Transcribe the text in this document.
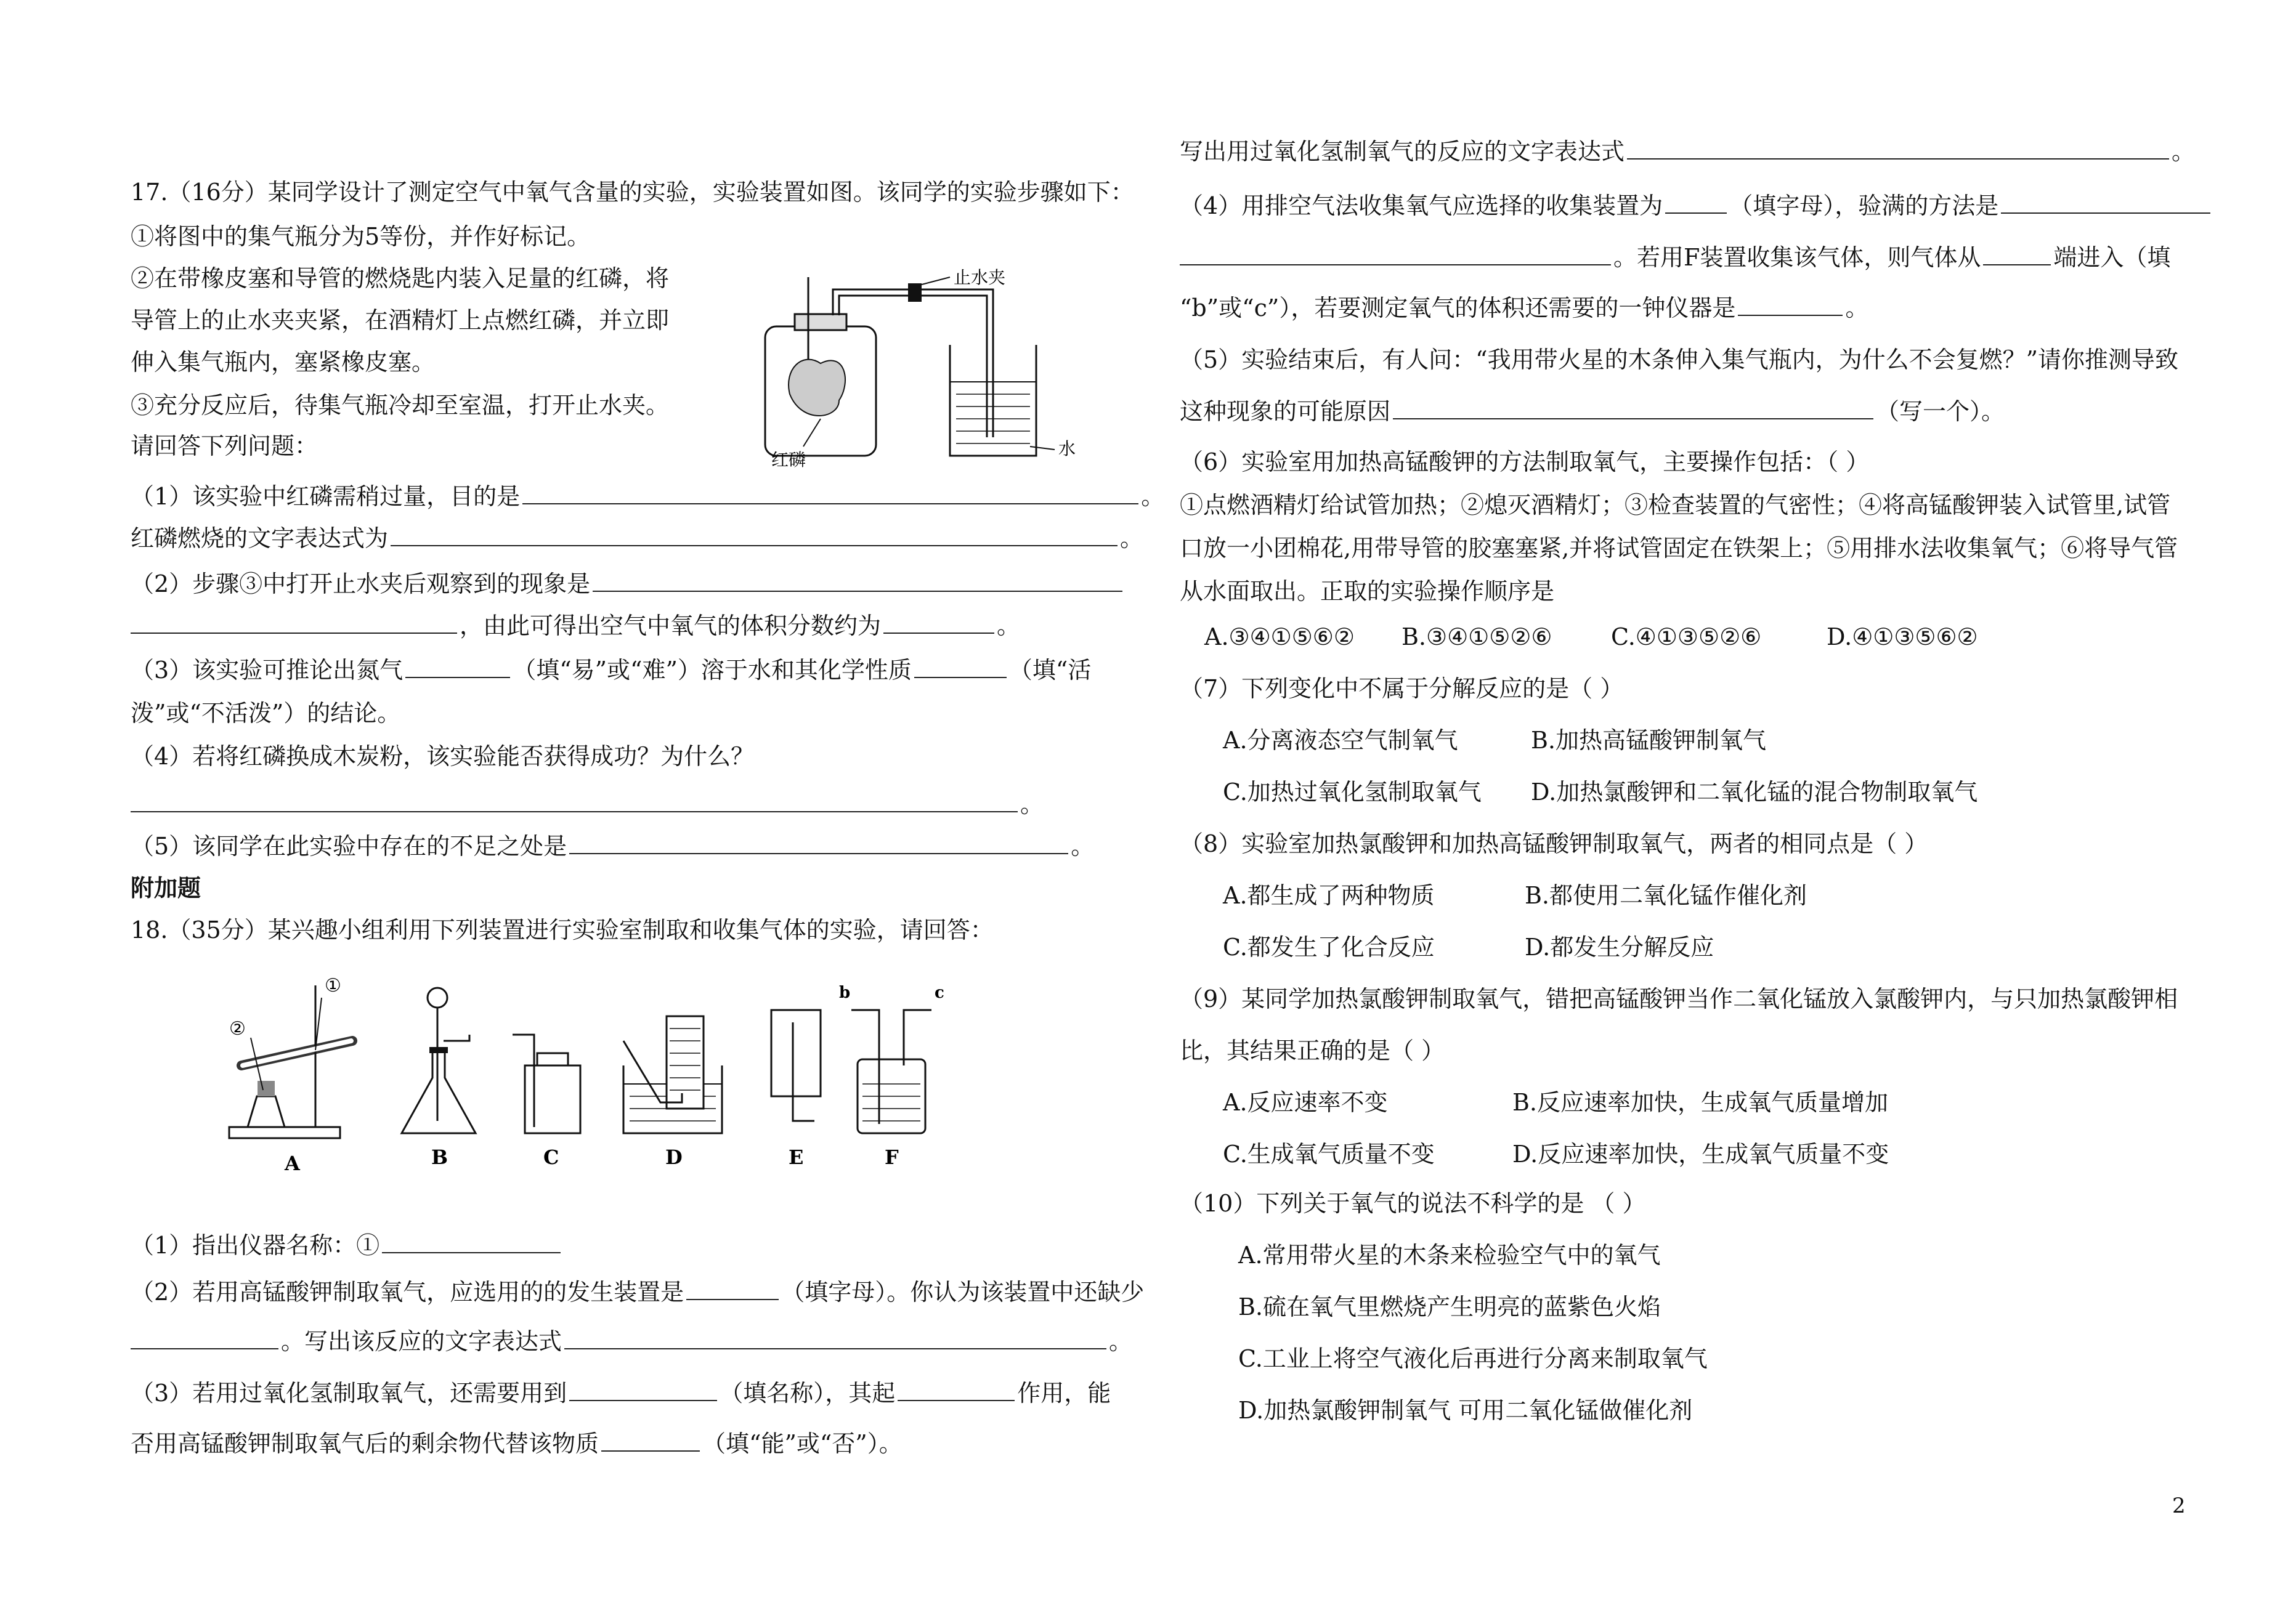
17.（16分）某同学设计了测定空气中氧气含量的实验，实验装置如图。该同学的实验步骤如下：
①将图中的集气瓶分为5等份，并作好标记。
②在带橡皮塞和导管的燃烧匙内装入足量的红磷，将
导管上的止水夹夹紧，在酒精灯上点燃红磷，并立即
伸入集气瓶内，塞紧橡皮塞。
③充分反应后，待集气瓶冷却至室温，打开止水夹。
请回答下列问题：
止水夹
水
红磷
（1）该实验中红磷需稍过量，目的是	。
红磷燃烧的文字表达式为	。
（2）步骤③中打开止水夹后观察到的现象是
，由此可得出空气中氧气的体积分数约为	。
（3）该实验可推论出氮气	（填“易”或“难”）溶于水和其化学性质	（填“活
泼”或“不活泼”）的结论。
（4）若将红磷换成木炭粉，该实验能否获得成功？为什么？
。
（5）该同学在此实验中存在的不足之处是	。
附加题
18.（35分）某兴趣小组利用下列装置进行实验室制取和收集气体的实验，请回答：
①
②
A	B	C	D	E
b	c
F
（1）指出仪器名称：①
（2）若用高锰酸钾制取氧气，应选用的的发生装置是	（填字母）。你认为该装置中还缺少
。写出该反应的文字表达式	。
（3）若用过氧化氢制取氧气，还需要用到	（填名称），其起	作用，能
否用高锰酸钾制取氧气后的剩余物代替该物质	（填“能”或“否”）。
写出用过氧化氢制氧气的反应的文字表达式	。
（4）用排空气法收集氧气应选择的收集装置为	（填字母），验满的方法是
。若用F装置收集该气体，则气体从	端进入（填
“b”或“c”），若要测定氧气的体积还需要的一钟仪器是	。
（5）实验结束后，有人问：“我用带火星的木条伸入集气瓶内，为什么不会复燃？”请你推测导致
这种现象的可能原因	（写一个）。
（6）实验室用加热高锰酸钾的方法制取氧气，主要操作包括：（ ）
①点燃酒精灯给试管加热；②熄灭酒精灯；③检查装置的气密性；④将高锰酸钾装入试管里,试管
口放一小团棉花,用带导管的胶塞塞紧,并将试管固定在铁架上；⑤用排水法收集氧气；⑥将导气管
从水面取出。正取的实验操作顺序是
A.③④①⑤⑥② B.③④①⑤②⑥	C.④①③⑤②⑥	D.④①③⑤⑥②
（7）下列变化中不属于分解反应的是（ ）
A.分离液态空气制氧气	B.加热高锰酸钾制氧气
C.加热过氧化氢制取氧气 D.加热氯酸钾和二氧化锰的混合物制取氧气
（8）实验室加热氯酸钾和加热高锰酸钾制取氧气，两者的相同点是（ ）
A.都生成了两种物质	B.都使用二氧化锰作催化剂
C.都发生了化合反应	D.都发生分解反应
（9）某同学加热氯酸钾制取氧气，错把高锰酸钾当作二氧化锰放入氯酸钾内，与只加热氯酸钾相
比，其结果正确的是（ ）
A.反应速率不变	B.反应速率加快，生成氧气质量增加
C.生成氧气质量不变	D.反应速率加快，生成氧气质量不变
（10）下列关于氧气的说法不科学的是 （ ）
A.常用带火星的木条来检验空气中的氧气
B.硫在氧气里燃烧产生明亮的蓝紫色火焰
C.工业上将空气液化后再进行分离来制取氧气
D.加热氯酸钾制氧气 可用二氧化锰做催化剂
2
